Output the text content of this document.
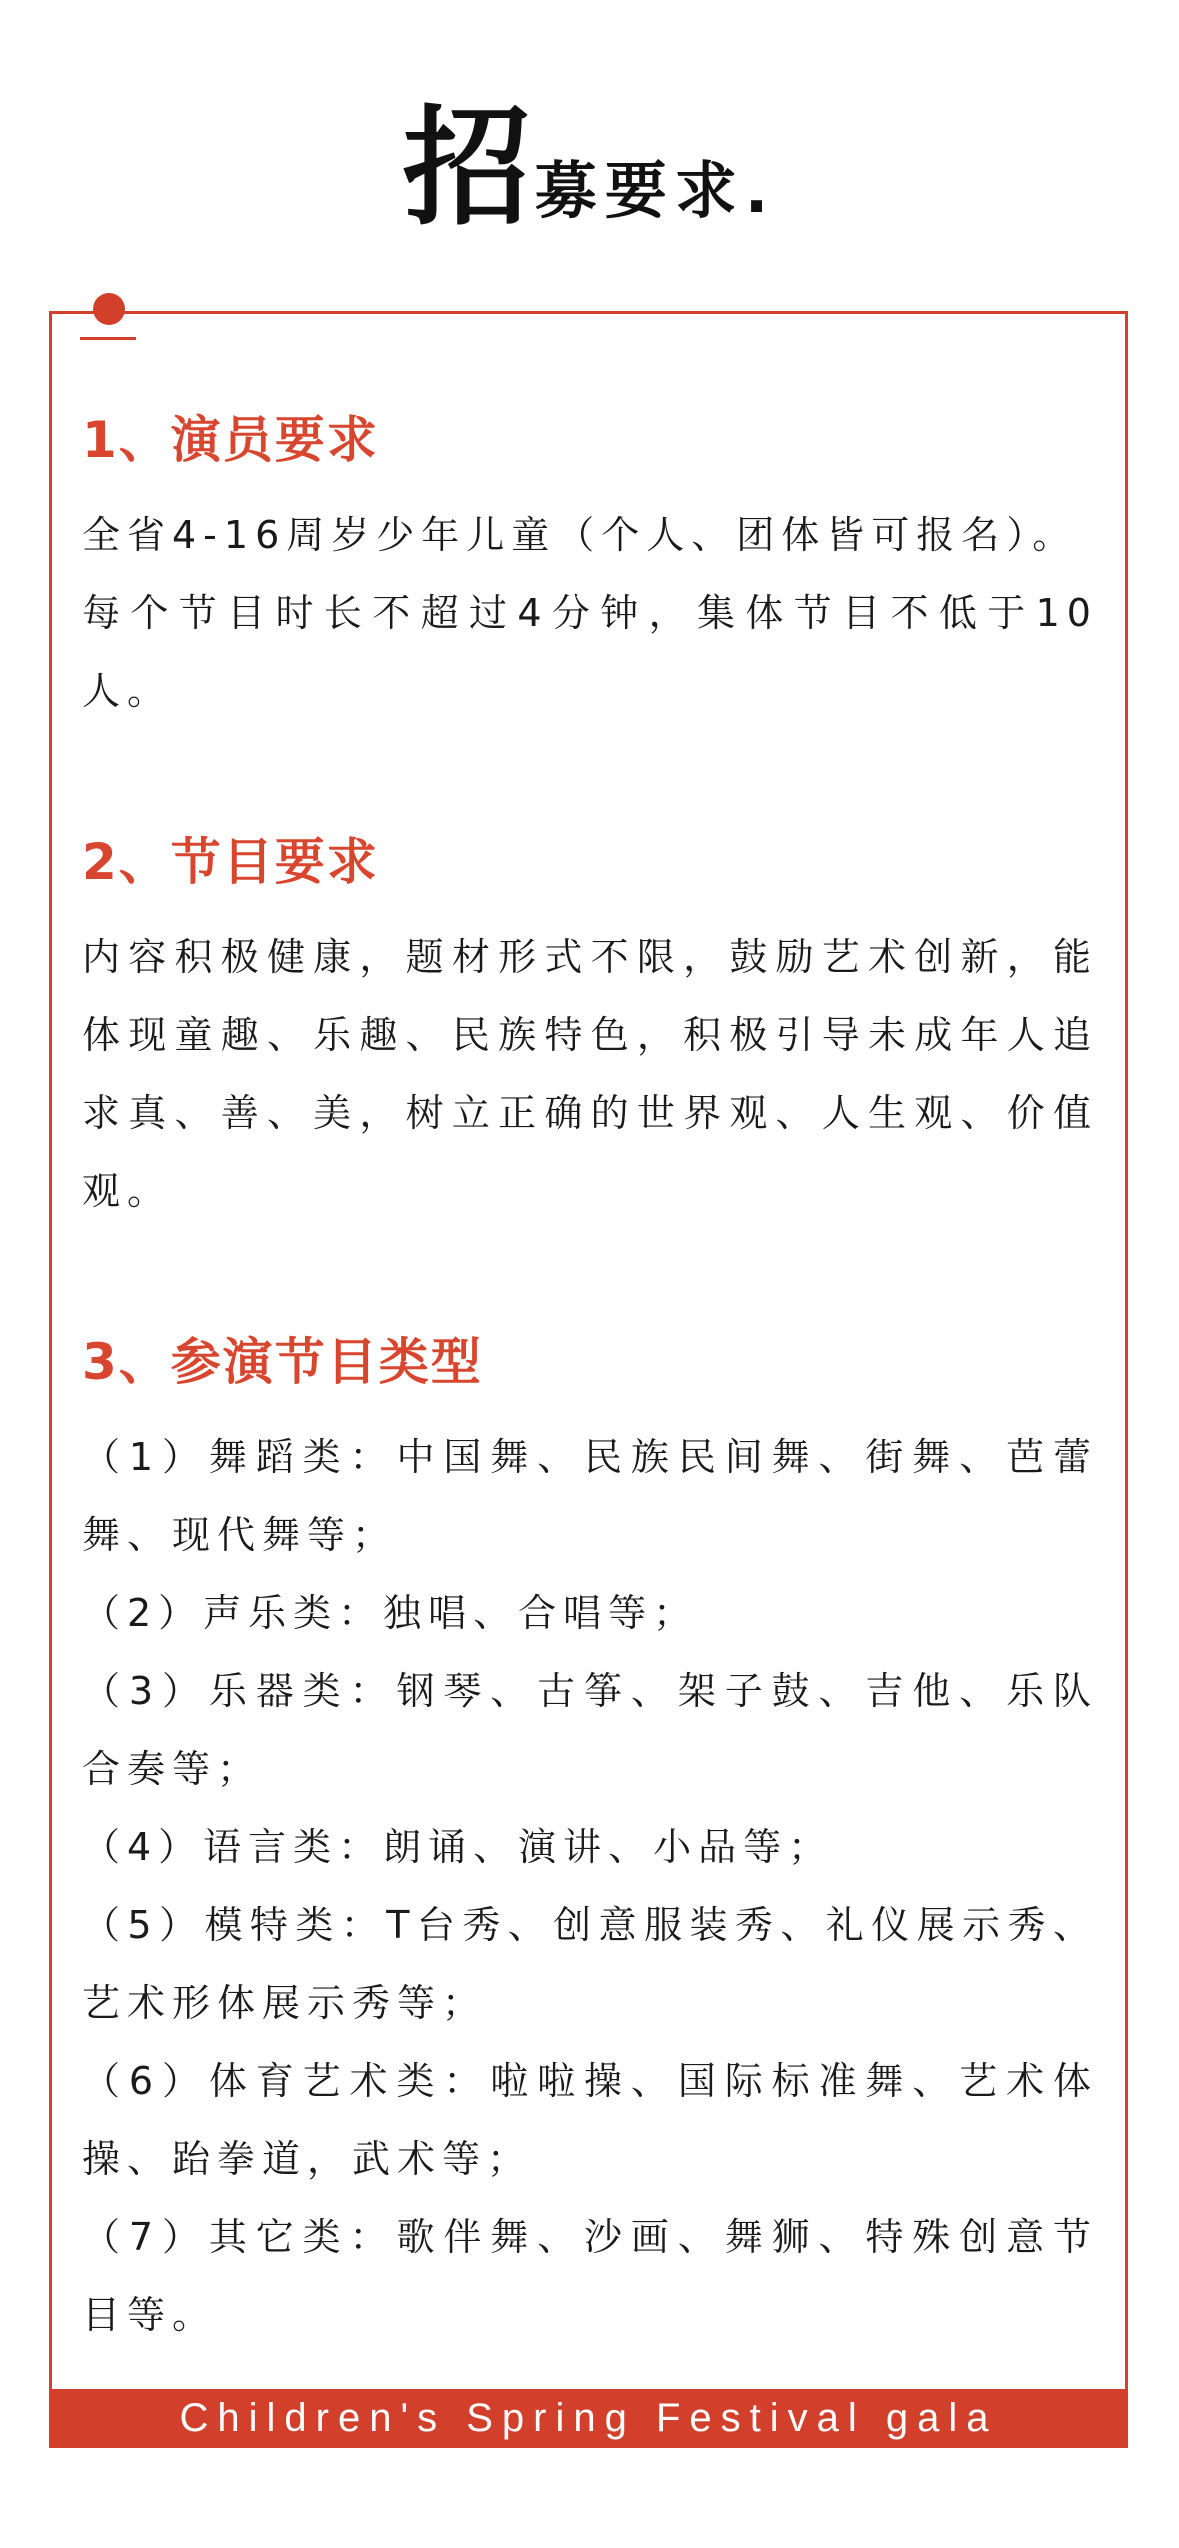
招募要求.
1、演员要求

全省4-16周岁少年儿童（个人、团体皆可报名）。

每个节目时长不超过4分钟，集体节目不低于10人。

2、节目要求

内容积极健康，题材形式不限，鼓励艺术创新，能体现童趣、乐趣、民族特色，积极引导未成年人追求真、善、美，树立正确的世界观、人生观、价值观。

3、参演节目类型

（1）舞蹈类：中国舞、民族民间舞、街舞、芭蕾舞、现代舞等；

（2）声乐类：独唱、合唱等；

（3）乐器类：钢琴、古筝、架子鼓、吉他、乐队合奏等；

（4）语言类：朗诵、演讲、小品等；

（5）模特类：T台秀、创意服装秀、礼仪展示秀、艺术形体展示秀等；

（6）体育艺术类：啦啦操、国际标准舞、艺术体操、跆拳道，武术等；

（7）其它类：歌伴舞、沙画、舞狮、特殊创意节目等。

Children's Spring Festival gala
